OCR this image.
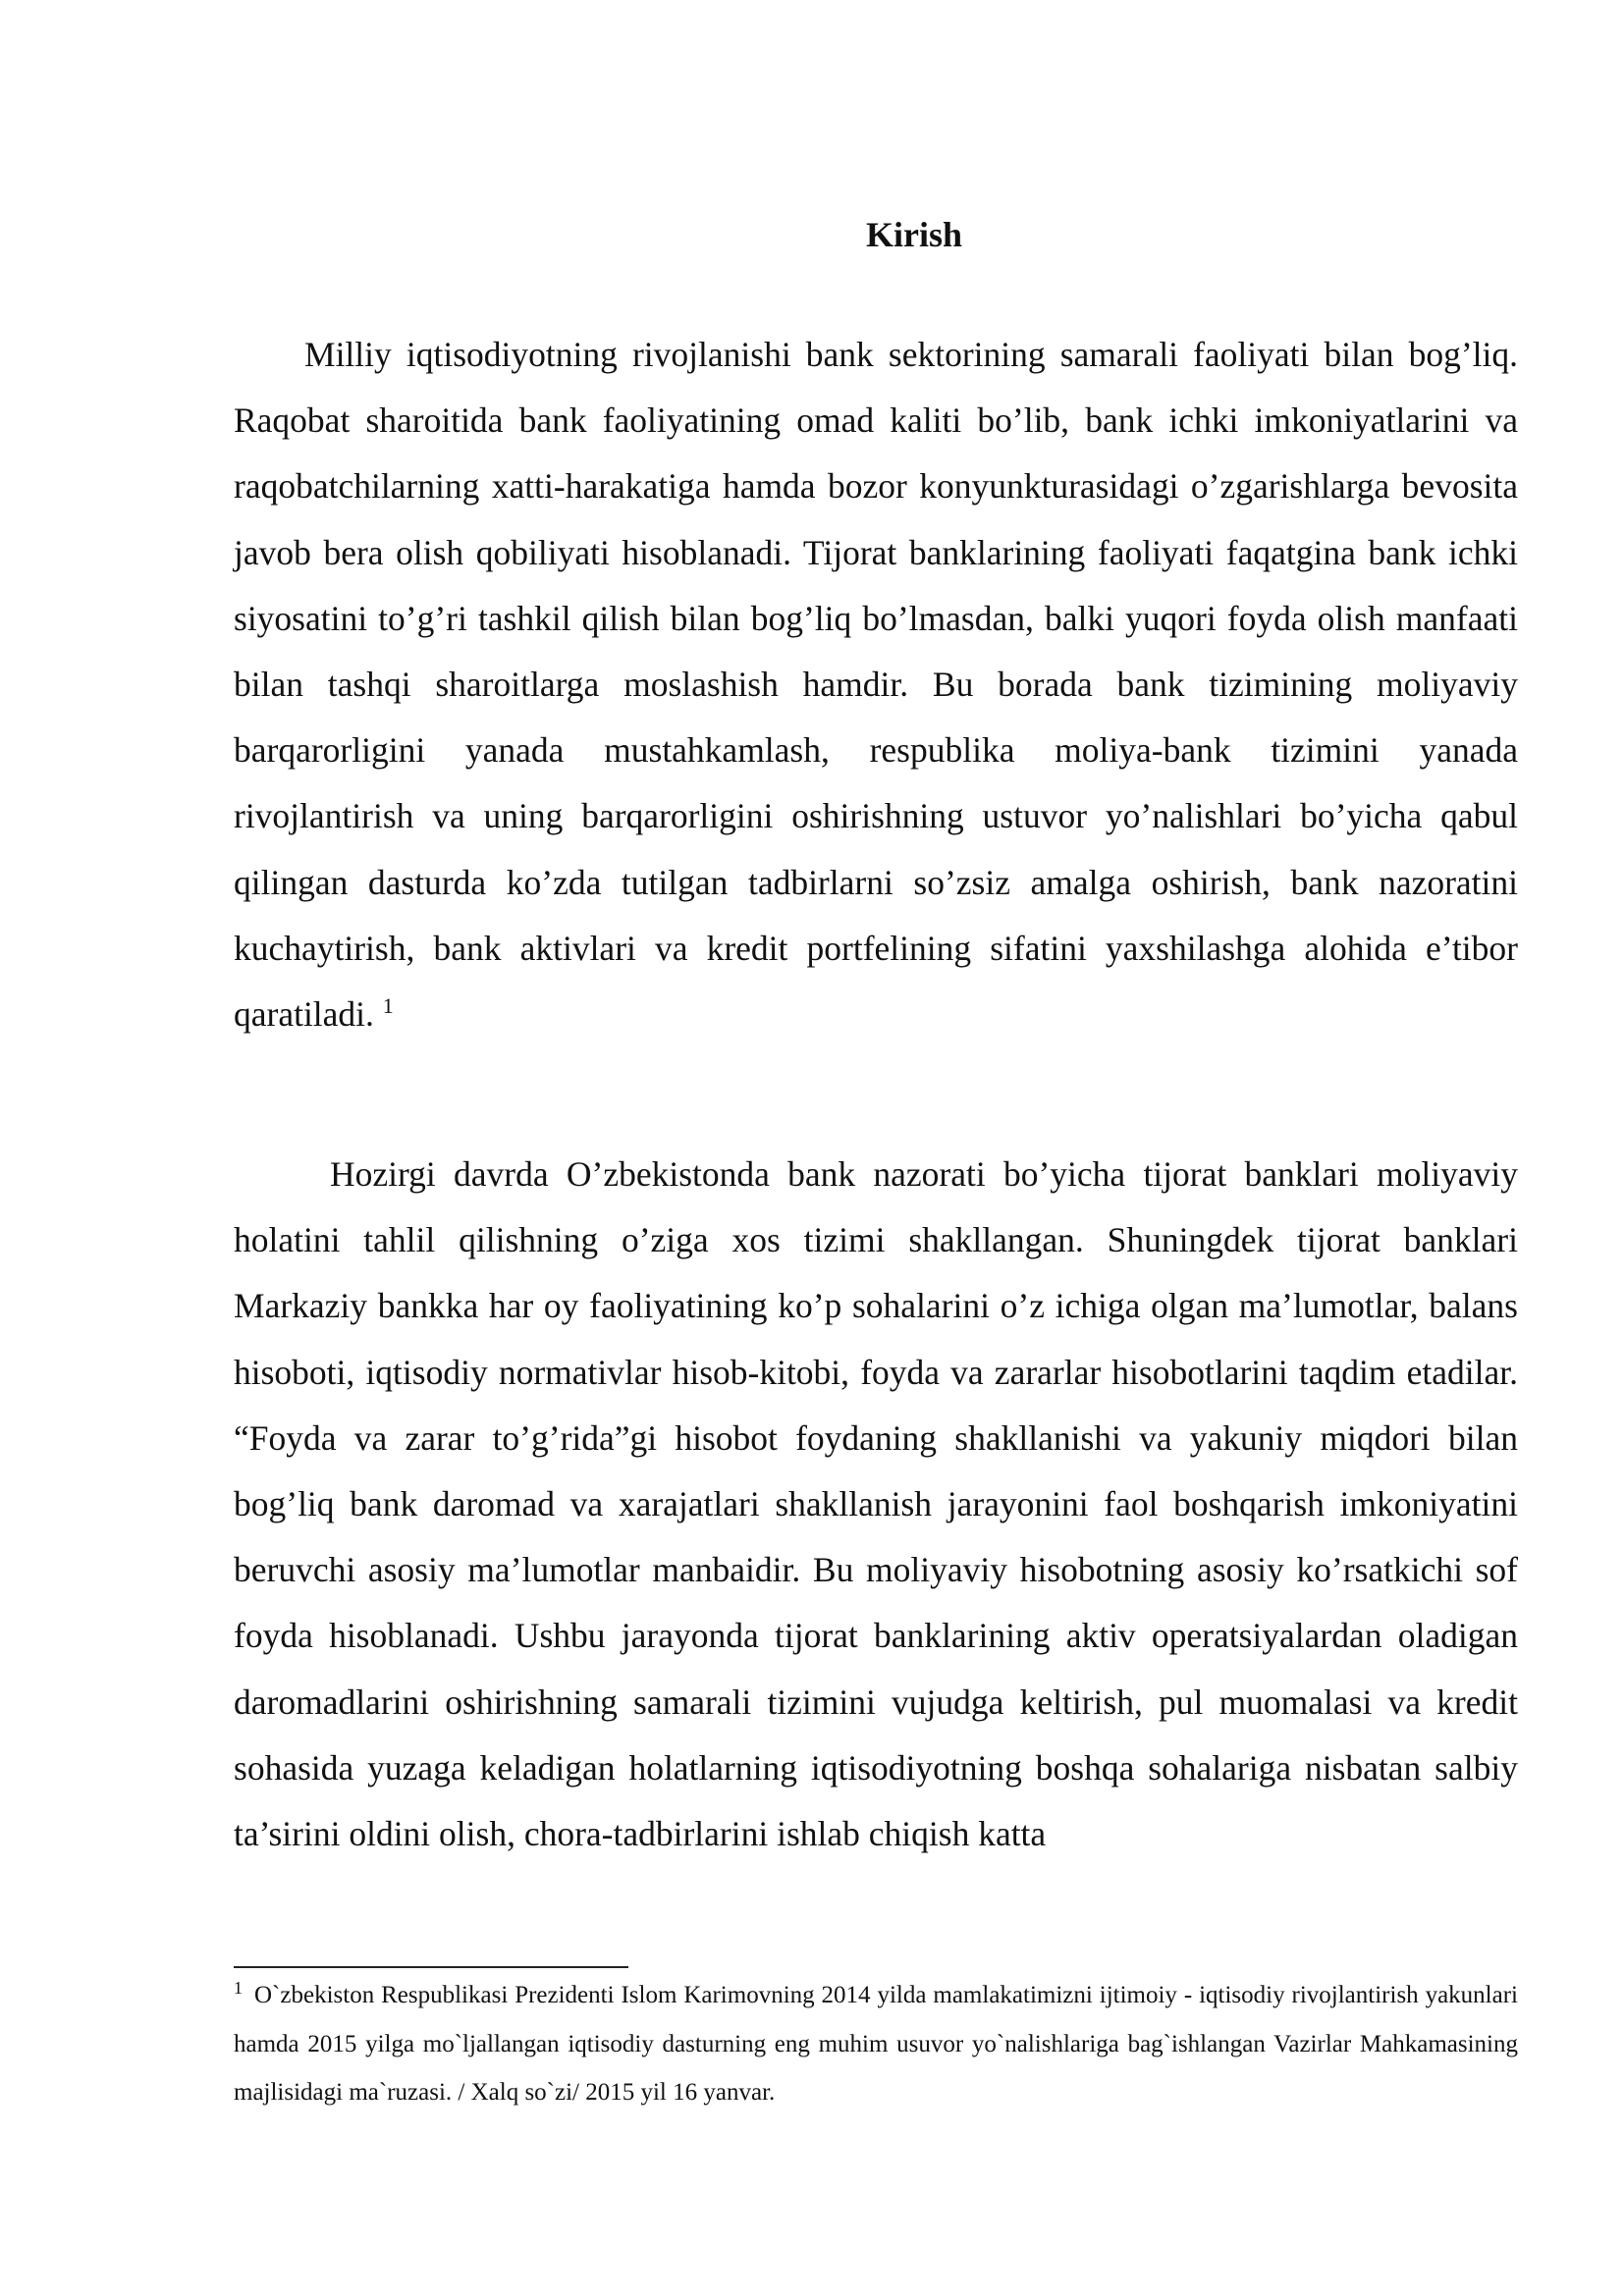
Kirish

Milliy iqtisodiyotning rivojlanishi bank sektorining samarali faoliyati bilan bog’liq. Raqobat sharoitida bank faoliyatining omad kaliti bo’lib, bank ichki imkoniyatlarini va raqobatchilarning xatti-harakatiga hamda bozor konyunkturasidagi o’zgarishlarga bevosita javob bera olish qobiliyati hisoblanadi. Tijorat banklarining faoliyati faqatgina bank ichki siyosatini to’g’ri tashkil qilish bilan bog’liq bo’lmasdan, balki yuqori foyda olish manfaati bilan tashqi sharoitlarga moslashish hamdir. Bu borada bank tizimining moliyaviy barqarorligini yanada mustahkamlash, respublika moliya-bank tizimini yanada rivojlantirish va uning barqarorligini oshirishning ustuvor yo’nalishlari bo’yicha qabul qilingan dasturda ko’zda tutilgan tadbirlarni so’zsiz amalga oshirish, bank nazoratini kuchaytirish, bank aktivlari va kredit portfelining sifatini yaxshilashga alohida e’tibor qaratiladi. $^1$

Hozirgi davrda O’zbekistonda bank nazorati bo’yicha tijorat banklari moliyaviy holatini tahlil qilishning o’ziga xos tizimi shakllangan. Shuningdek tijorat banklari Markaziy bankka har oy faoliyatining ko’p sohalarini o’z ichiga olgan ma’lumotlar, balans hisoboti, iqtisodiy normativlar hisob-kitobi, foyda va zararlar hisobotlarini taqdim etadilar. “Foyda va zarar to’g’rida”gi hisobot foydaning shakllanishi va yakuniy miqdori bilan bog’liq bank daromad va xarajatlari shakllanish jarayonini faol boshqarish imkoniyatini beruvchi asosiy ma’lumotlar manbaidir. Bu moliyaviy hisobotning asosiy ko’rsatkichi sof foyda hisoblanadi. Ushbu jarayonda tijorat banklarining aktiv operatsiyalardan oladigan daromadlarini oshirishning samarali tizimini vujudga keltirish, pul muomalasi va kredit sohasida yuzaga keladigan holatlarning iqtisodiyotning boshqa sohalariga nisbatan salbiy ta’sirini oldini olish, chora-tadbirlarini ishlab chiqish katta

$^1$ O`zbekiston Respublikasi Prezidenti Islom Karimovning 2014 yilda mamlakatimizni ijtimoiy - iqtisodiy rivojlantirish yakunlari hamda 2015 yilga mo`ljallangan iqtisodiy dasturning eng muhim usuvor yo`nalishlariga bag`ishlangan Vazirlar Mahkamasining majlisidagi ma`ruzasi. / Xalq so`zi/ 2015 yil 16 yanvar.
